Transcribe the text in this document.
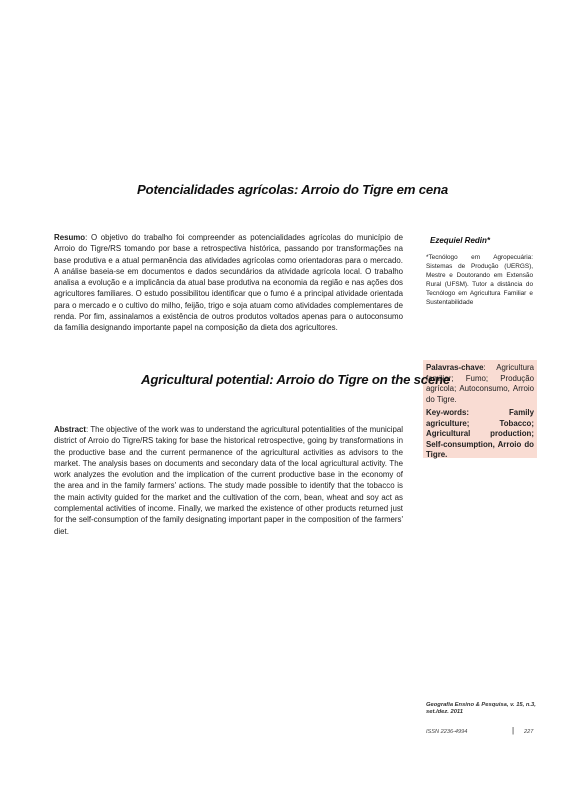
Potencialidades agrícolas: Arroio do Tigre em cena
Resumo: O objetivo do trabalho foi compreender as potencialidades agrícolas do município de Arroio do Tigre/RS tomando por base a retrospectiva histórica, passando por transformações na base produtiva e a atual permanência das atividades agrícolas como orientadoras para o mercado. A análise baseia-se em documentos e dados secundários da atividade agrícola local. O trabalho analisa a evolução e a implicância da atual base produtiva na economia da região e nas ações dos agricultores familiares. O estudo possibilitou identificar que o fumo é a principal atividade orientada para o mercado e o cultivo do milho, feijão, trigo e soja atuam como atividades complementares de renda. Por fim, assinalamos a existência de outros produtos voltados apenas para o autoconsumo da família designando importante papel na composição da dieta dos agricultores.
Ezequiel Redin*
*Tecnólogo em Agropecuária: Sistemas de Produção (UERGS), Mestre e Doutorando em Extensão Rural (UFSM). Tutor a distância do Tecnólogo em Agricultura Familiar e Sustentabilidade
Palavras-chave: Agricultura familiar; Fumo; Produção agrícola; Autoconsumo, Arroio do Tigre.
Key-words: Family agriculture; Tobacco; Agricultural production; Self-consumption, Arroio do Tigre.
Agricultural potential: Arroio do Tigre on the scene
Abstract: The objective of the work was to understand the agricultural potentialities of the municipal district of Arroio do Tigre/RS taking for base the historical retrospective, going by transformations in the productive base and the current permanence of the agricultural activities as advisors to the market. The analysis bases on documents and secondary data of the local agricultural activity. The work analyzes the evolution and the implication of the current productive base in the economy of the area and in the family farmers' actions. The study made possible to identify that the tobacco is the main activity guided for the market and the cultivation of the corn, bean, wheat and soy act as complemental activities of income. Finally, we marked the existence of other products returned just for the self-consumption of the family designating important paper in the composition of the farmers' diet.
Geografia Ensino & Pesquisa, v. 15, n.3, set./dez. 2011
ISSN 2236-4994	| 227
